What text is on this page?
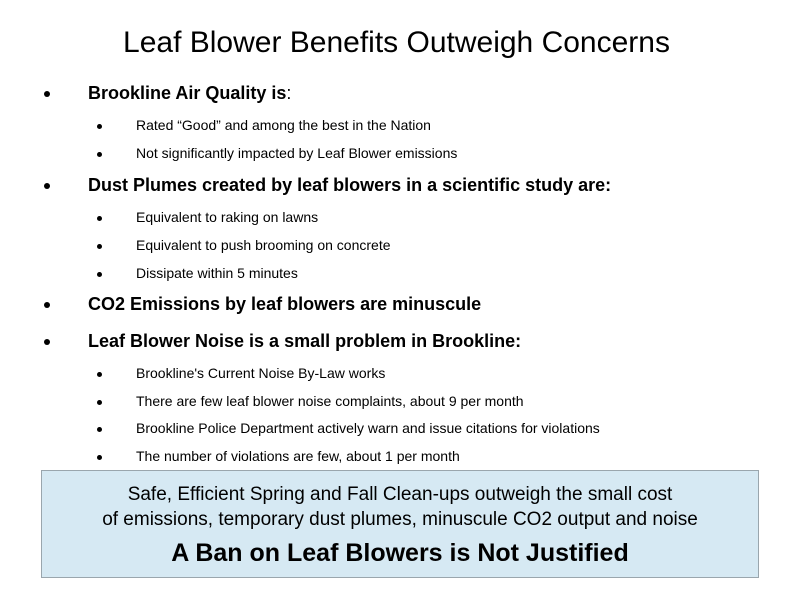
Leaf Blower Benefits Outweigh Concerns
Brookline Air Quality is:
Rated “Good” and among the best in the Nation
Not significantly impacted by Leaf Blower emissions
Dust Plumes created by leaf blowers in a scientific study are:
Equivalent to raking on lawns
Equivalent to push brooming on concrete
Dissipate within 5 minutes
CO2 Emissions by leaf blowers are minuscule
Leaf Blower Noise is a small problem in Brookline:
Brookline's Current Noise By-Law works
There are few leaf blower noise complaints, about 9 per month
Brookline Police Department actively warn and issue citations for violations
The number of violations are few, about 1 per month
Safe, Efficient Spring and Fall Clean-ups outweigh the small cost
of emissions, temporary dust plumes, minuscule CO2 output and noise
A Ban on Leaf Blowers is Not Justified
